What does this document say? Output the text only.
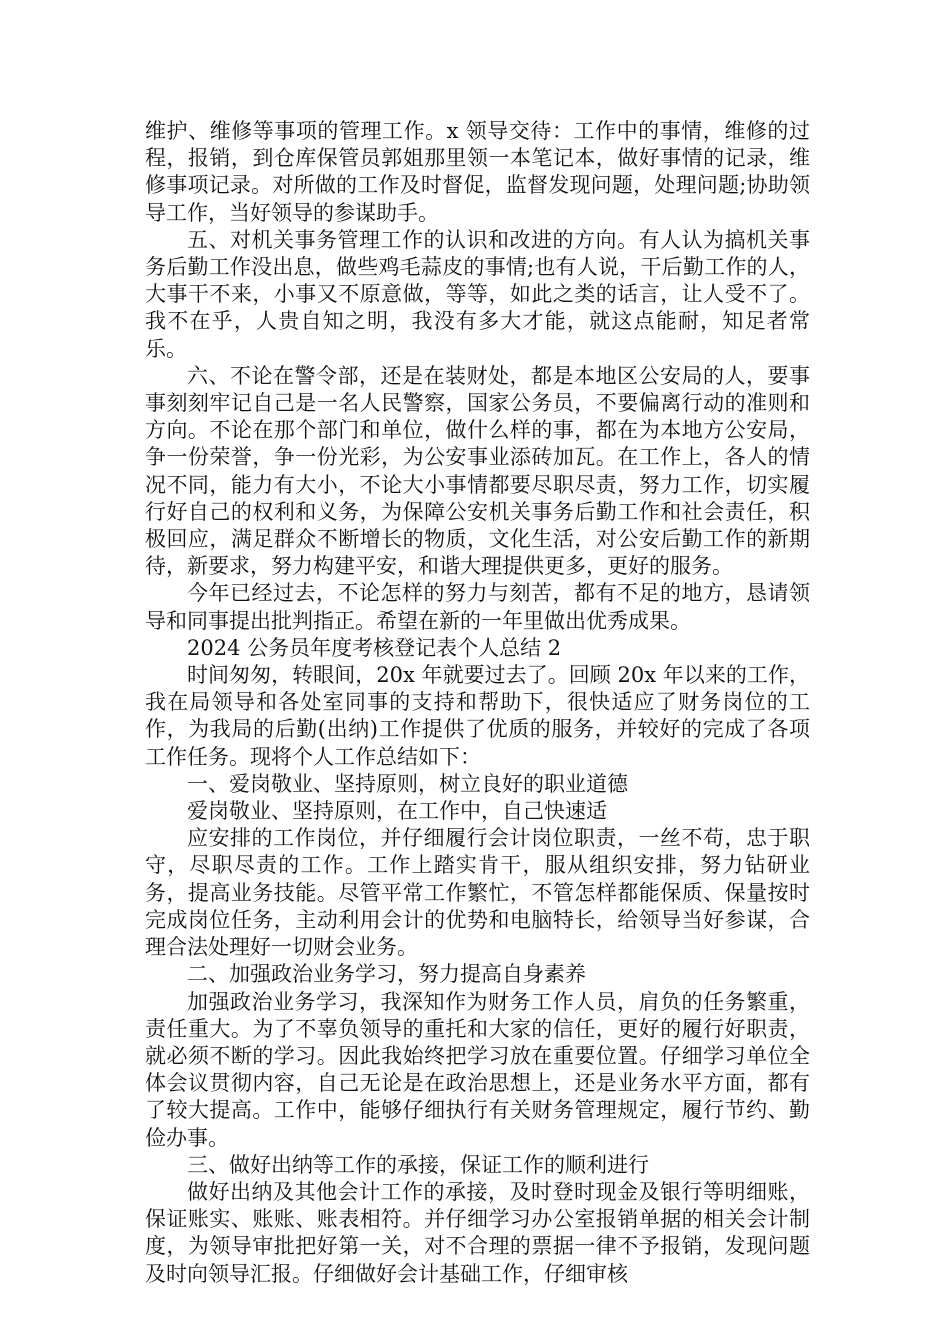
维护、维修等事项的管理工作。x 领导交待：工作中的事情，维修的过程，报销，到仓库保管员郭姐那里领一本笔记本，做好事情的记录，维修事项记录。对所做的工作及时督促，监督发现问题，处理问题;协助领导工作，当好领导的参谋助手。

五、对机关事务管理工作的认识和改进的方向。有人认为搞机关事务后勤工作没出息，做些鸡毛蒜皮的事情;也有人说，干后勤工作的人，大事干不来，小事又不原意做，等等，如此之类的话言，让人受不了。我不在乎，人贵自知之明，我没有多大才能，就这点能耐，知足者常乐。

六、不论在警令部，还是在装财处，都是本地区公安局的人，要事事刻刻牢记自己是一名人民警察，国家公务员，不要偏离行动的准则和方向。不论在那个部门和单位，做什么样的事，都在为本地方公安局，争一份荣誉，争一份光彩，为公安事业添砖加瓦。在工作上，各人的情况不同，能力有大小，不论大小事情都要尽职尽责，努力工作，切实履行好自己的权利和义务，为保障公安机关事务后勤工作和社会责任，积极回应，满足群众不断增长的物质，文化生活，对公安后勤工作的新期待，新要求，努力构建平安，和谐大理提供更多，更好的服务。

今年已经过去，不论怎样的努力与刻苦，都有不足的地方，恳请领导和同事提出批判指正。希望在新的一年里做出优秀成果。

2024 公务员年度考核登记表个人总结 2

时间匆匆，转眼间，20x 年就要过去了。回顾 20x 年以来的工作，我在局领导和各处室同事的支持和帮助下，很快适应了财务岗位的工作，为我局的后勤(出纳)工作提供了优质的服务，并较好的完成了各项工作任务。现将个人工作总结如下：

一、爱岗敬业、坚持原则，树立良好的职业道德

爱岗敬业、坚持原则，在工作中，自己快速适

应安排的工作岗位，并仔细履行会计岗位职责，一丝不苟，忠于职守，尽职尽责的工作。工作上踏实肯干，服从组织安排，努力钻研业务，提高业务技能。尽管平常工作繁忙，不管怎样都能保质、保量按时完成岗位任务，主动利用会计的优势和电脑特长，给领导当好参谋，合理合法处理好一切财会业务。

二、加强政治业务学习，努力提高自身素养

加强政治业务学习，我深知作为财务工作人员，肩负的任务繁重，责任重大。为了不辜负领导的重托和大家的信任，更好的履行好职责，就必须不断的学习。因此我始终把学习放在重要位置。仔细学习单位全体会议贯彻内容，自己无论是在政治思想上，还是业务水平方面，都有了较大提高。工作中，能够仔细执行有关财务管理规定，履行节约、勤俭办事。

三、做好出纳等工作的承接，保证工作的顺利进行

做好出纳及其他会计工作的承接，及时登时现金及银行等明细账，保证账实、账账、账表相符。并仔细学习办公室报销单据的相关会计制度，为领导审批把好第一关，对不合理的票据一律不予报销，发现问题及时向领导汇报。仔细做好会计基础工作，仔细审核
